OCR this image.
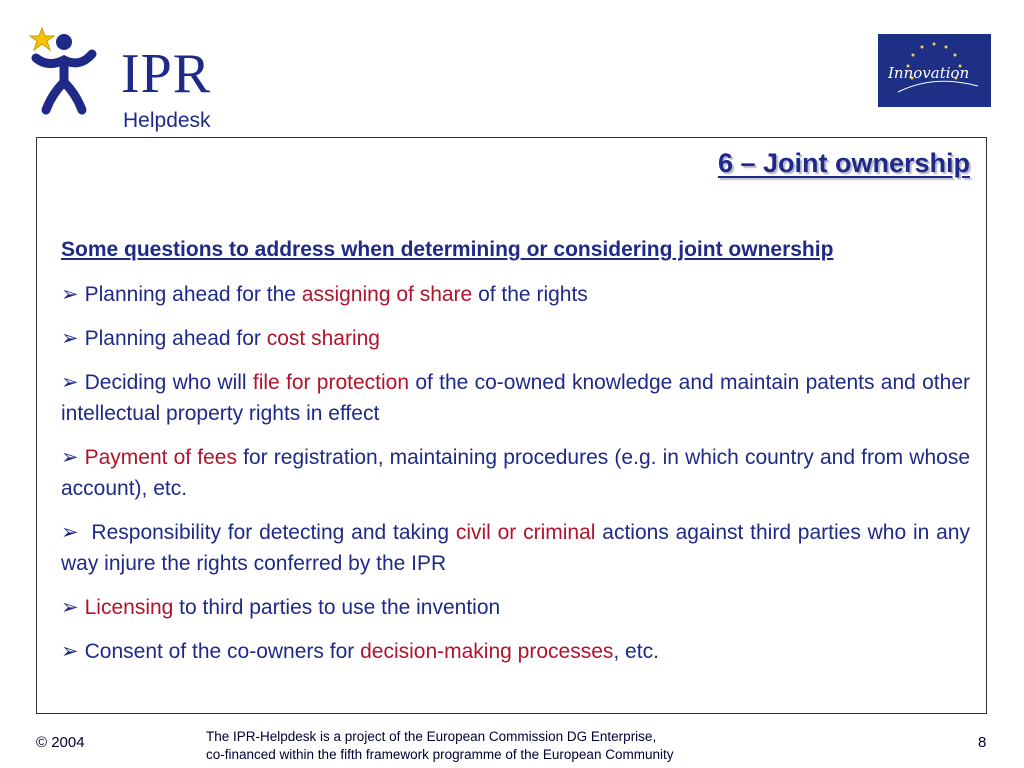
IPR
Helpdesk
Innovation
6 – Joint ownership
Some questions to address when determining or considering joint ownership
➢ Planning ahead for the assigning of share of the rights
➢ Planning ahead for cost sharing
➢ Deciding who will file for protection of the co-owned knowledge and maintain patents and other intellectual property rights in effect
➢ Payment of fees for registration, maintaining procedures (e.g. in which country and from whose account), etc.
➢ Responsibility for detecting and taking civil or criminal actions against third parties who in any way injure the rights conferred by the IPR
➢ Licensing to third parties to use the invention
➢ Consent of the co-owners for decision-making processes, etc.
© 2004	The IPR-Helpdesk is a project of the European Commission DG Enterprise,
co-financed within the fifth framework programme of the European Community
8
